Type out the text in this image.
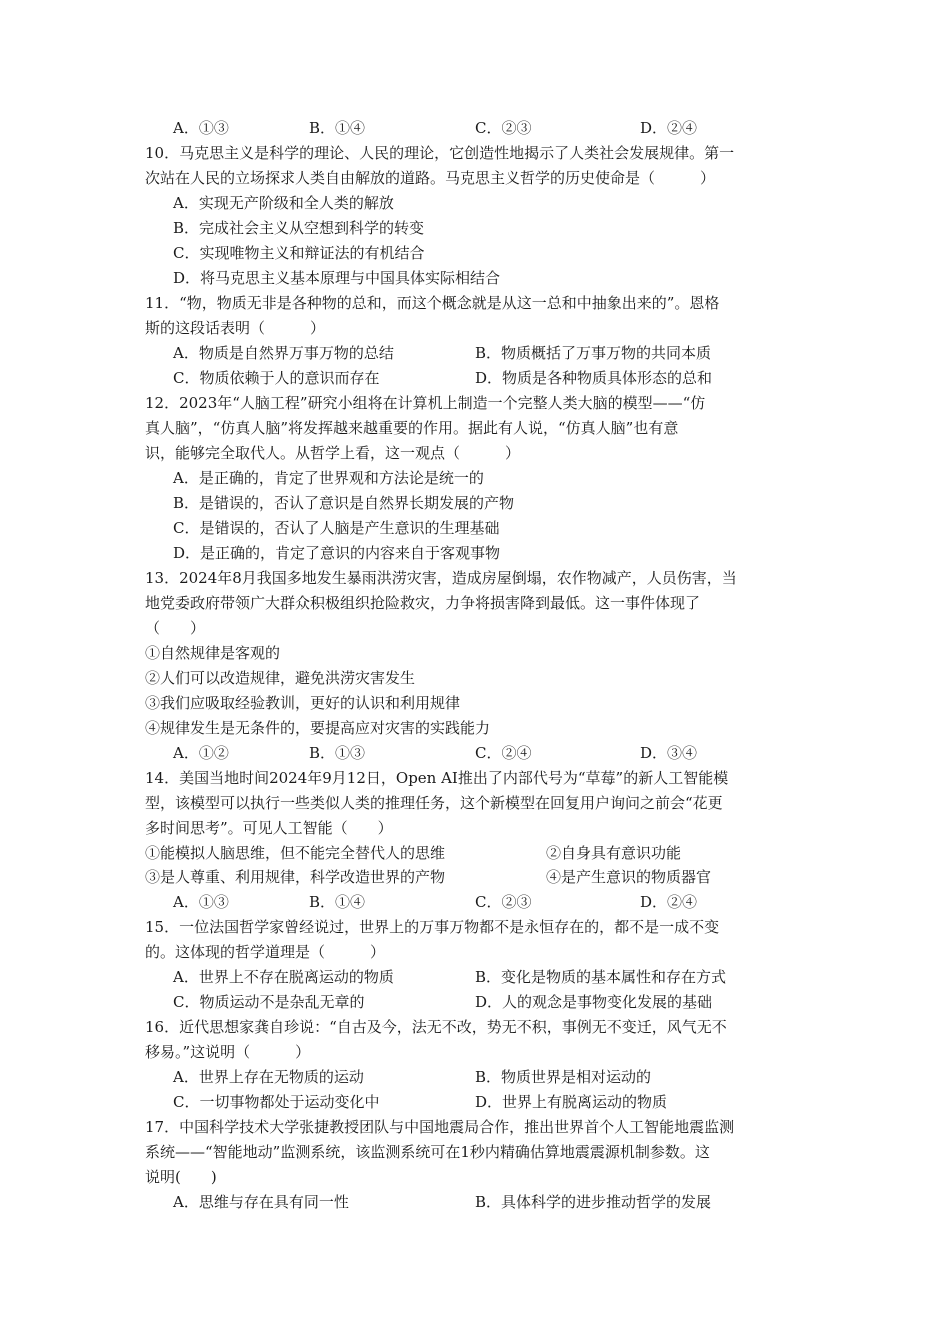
A．①③	B．①④	C．②③	D．②④
10．马克思主义是科学的理论、人民的理论，它创造性地揭示了人类社会发展规律。第一
次站在人民的立场探求人类自由解放的道路。马克思主义哲学的历史使命是（　　　）
A．实现无产阶级和全人类的解放
B．完成社会主义从空想到科学的转变
C．实现唯物主义和辩证法的有机结合
D．将马克思主义基本原理与中国具体实际相结合
11．“物，物质无非是各种物的总和，而这个概念就是从这一总和中抽象出来的”。恩格
斯的这段话表明（　　　）
A．物质是自然界万事万物的总结	B．物质概括了万事万物的共同本质
C．物质依赖于人的意识而存在	D．物质是各种物质具体形态的总和
12．2023年“人脑工程”研究小组将在计算机上制造一个完整人类大脑的模型——“仿
真人脑”，“仿真人脑”将发挥越来越重要的作用。据此有人说，“仿真人脑”也有意
识，能够完全取代人。从哲学上看，这一观点（　　　）
A．是正确的，肯定了世界观和方法论是统一的
B．是错误的，否认了意识是自然界长期发展的产物
C．是错误的，否认了人脑是产生意识的生理基础
D．是正确的，肯定了意识的内容来自于客观事物
13．2024年8月我国多地发生暴雨洪涝灾害，造成房屋倒塌，农作物减产，人员伤害，当
地党委政府带领广大群众积极组织抢险救灾，力争将损害降到最低。这一事件体现了
（　　）
①自然规律是客观的
②人们可以改造规律，避免洪涝灾害发生
③我们应吸取经验教训，更好的认识和利用规律
④规律发生是无条件的，要提高应对灾害的实践能力
A．①②	B．①③	C．②④	D．③④
14．美国当地时间2024年9月12日，Open AI推出了内部代号为“草莓”的新人工智能模
型，该模型可以执行一些类似人类的推理任务，这个新模型在回复用户询问之前会“花更
多时间思考”。可见人工智能（　　）
①能模拟人脑思维，但不能完全替代人的思维	②自身具有意识功能
③是人尊重、利用规律，科学改造世界的产物	④是产生意识的物质器官
A．①③	B．①④	C．②③	D．②④
15．一位法国哲学家曾经说过，世界上的万事万物都不是永恒存在的，都不是一成不变
的。这体现的哲学道理是（　　　）
A．世界上不存在脱离运动的物质	B．变化是物质的基本属性和存在方式
C．物质运动不是杂乱无章的	D．人的观念是事物变化发展的基础
16．近代思想家龚自珍说：“自古及今，法无不改，势无不积，事例无不变迁，风气无不
移易。”这说明（　　　）
A．世界上存在无物质的运动	B．物质世界是相对运动的
C．一切事物都处于运动变化中	D．世界上有脱离运动的物质
17．中国科学技术大学张捷教授团队与中国地震局合作，推出世界首个人工智能地震监测
系统——“智能地动”监测系统，该监测系统可在1秒内精确估算地震震源机制参数。这
说明(　　)
A．思维与存在具有同一性	B．具体科学的进步推动哲学的发展
